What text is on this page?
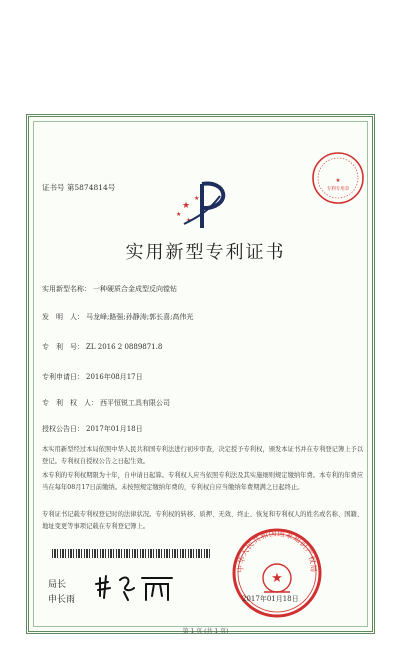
★
专利专用章
★
★
★
★
证书号 第5874814号
实用新型专利证书
实用新型名称： 一种硬质合金成型反向镗钻
发　明　人： 马龙峰;路强;孙静涛;郭长喜;高伟光
专　利　号： ZL 2016 2 0889871.8
专利申请日： 2016年08月17日
专　利　权　人： 西平恒锐工具有限公司
授权公告日： 2017年01月18日
本实用新型经过本局依照中华人民共和国专利法进行初步审查，决定授予专利权，颁发本证书并在专利登记簿上予以登记。专利权自授权公告之日起生效。
本专利的专利权期限为十年，自申请日起算。专利权人应当依照专利法及其实施细则规定缴纳年费。本专利的年费应当在每年08月17日前缴纳。未按照规定缴纳年费的，专利权自应当缴纳年费期满之日起终止。
专利证书记载专利权登记时的法律状况。专利权的转移、质押、无效、终止、恢复和专利权人的姓名或名称、国籍、地址变更等事项记载在专利登记簿上。
局长
申长雨
中华人民共和国国家知识产权局
★
2017年01月18日
第 1 页 (共 1 页)
